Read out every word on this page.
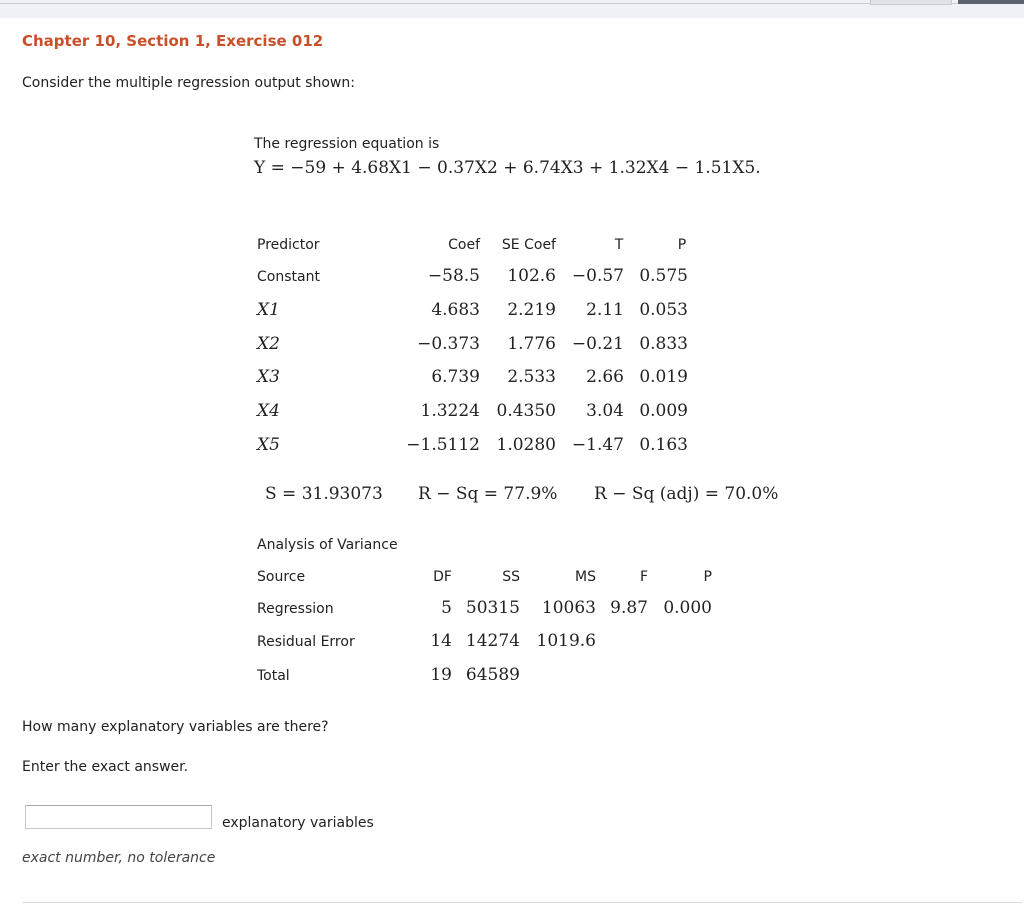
Chapter 10, Section 1, Exercise 012
Consider the multiple regression output shown:
The regression equation is
Y = −59 + 4.68X1 − 0.37X2 + 6.74X3 + 1.32X4 − 1.51X5.
Predictor	Coef	SE Coef	T	P
Constant	−58.5	102.6 −0.57 0.575
X1	4.683	2.219	2.11 0.053
X2	−0.373	1.776 −0.21 0.833
X3	6.739	2.533	2.66 0.019
X4	1.3224 0.4350	3.04 0.009
X5	−1.5112 1.0280 −1.47 0.163
S = 31.93073 R − Sq = 77.9% R − Sq (adj) = 70.0%
Analysis of Variance
Source	DF	SS	MS	F	P
Regression	5 50315	10063 9.87 0.000
Residual Error	14 14274 1019.6
Total	19 64589
How many explanatory variables are there?
Enter the exact answer.
explanatory variables
exact number, no tolerance
